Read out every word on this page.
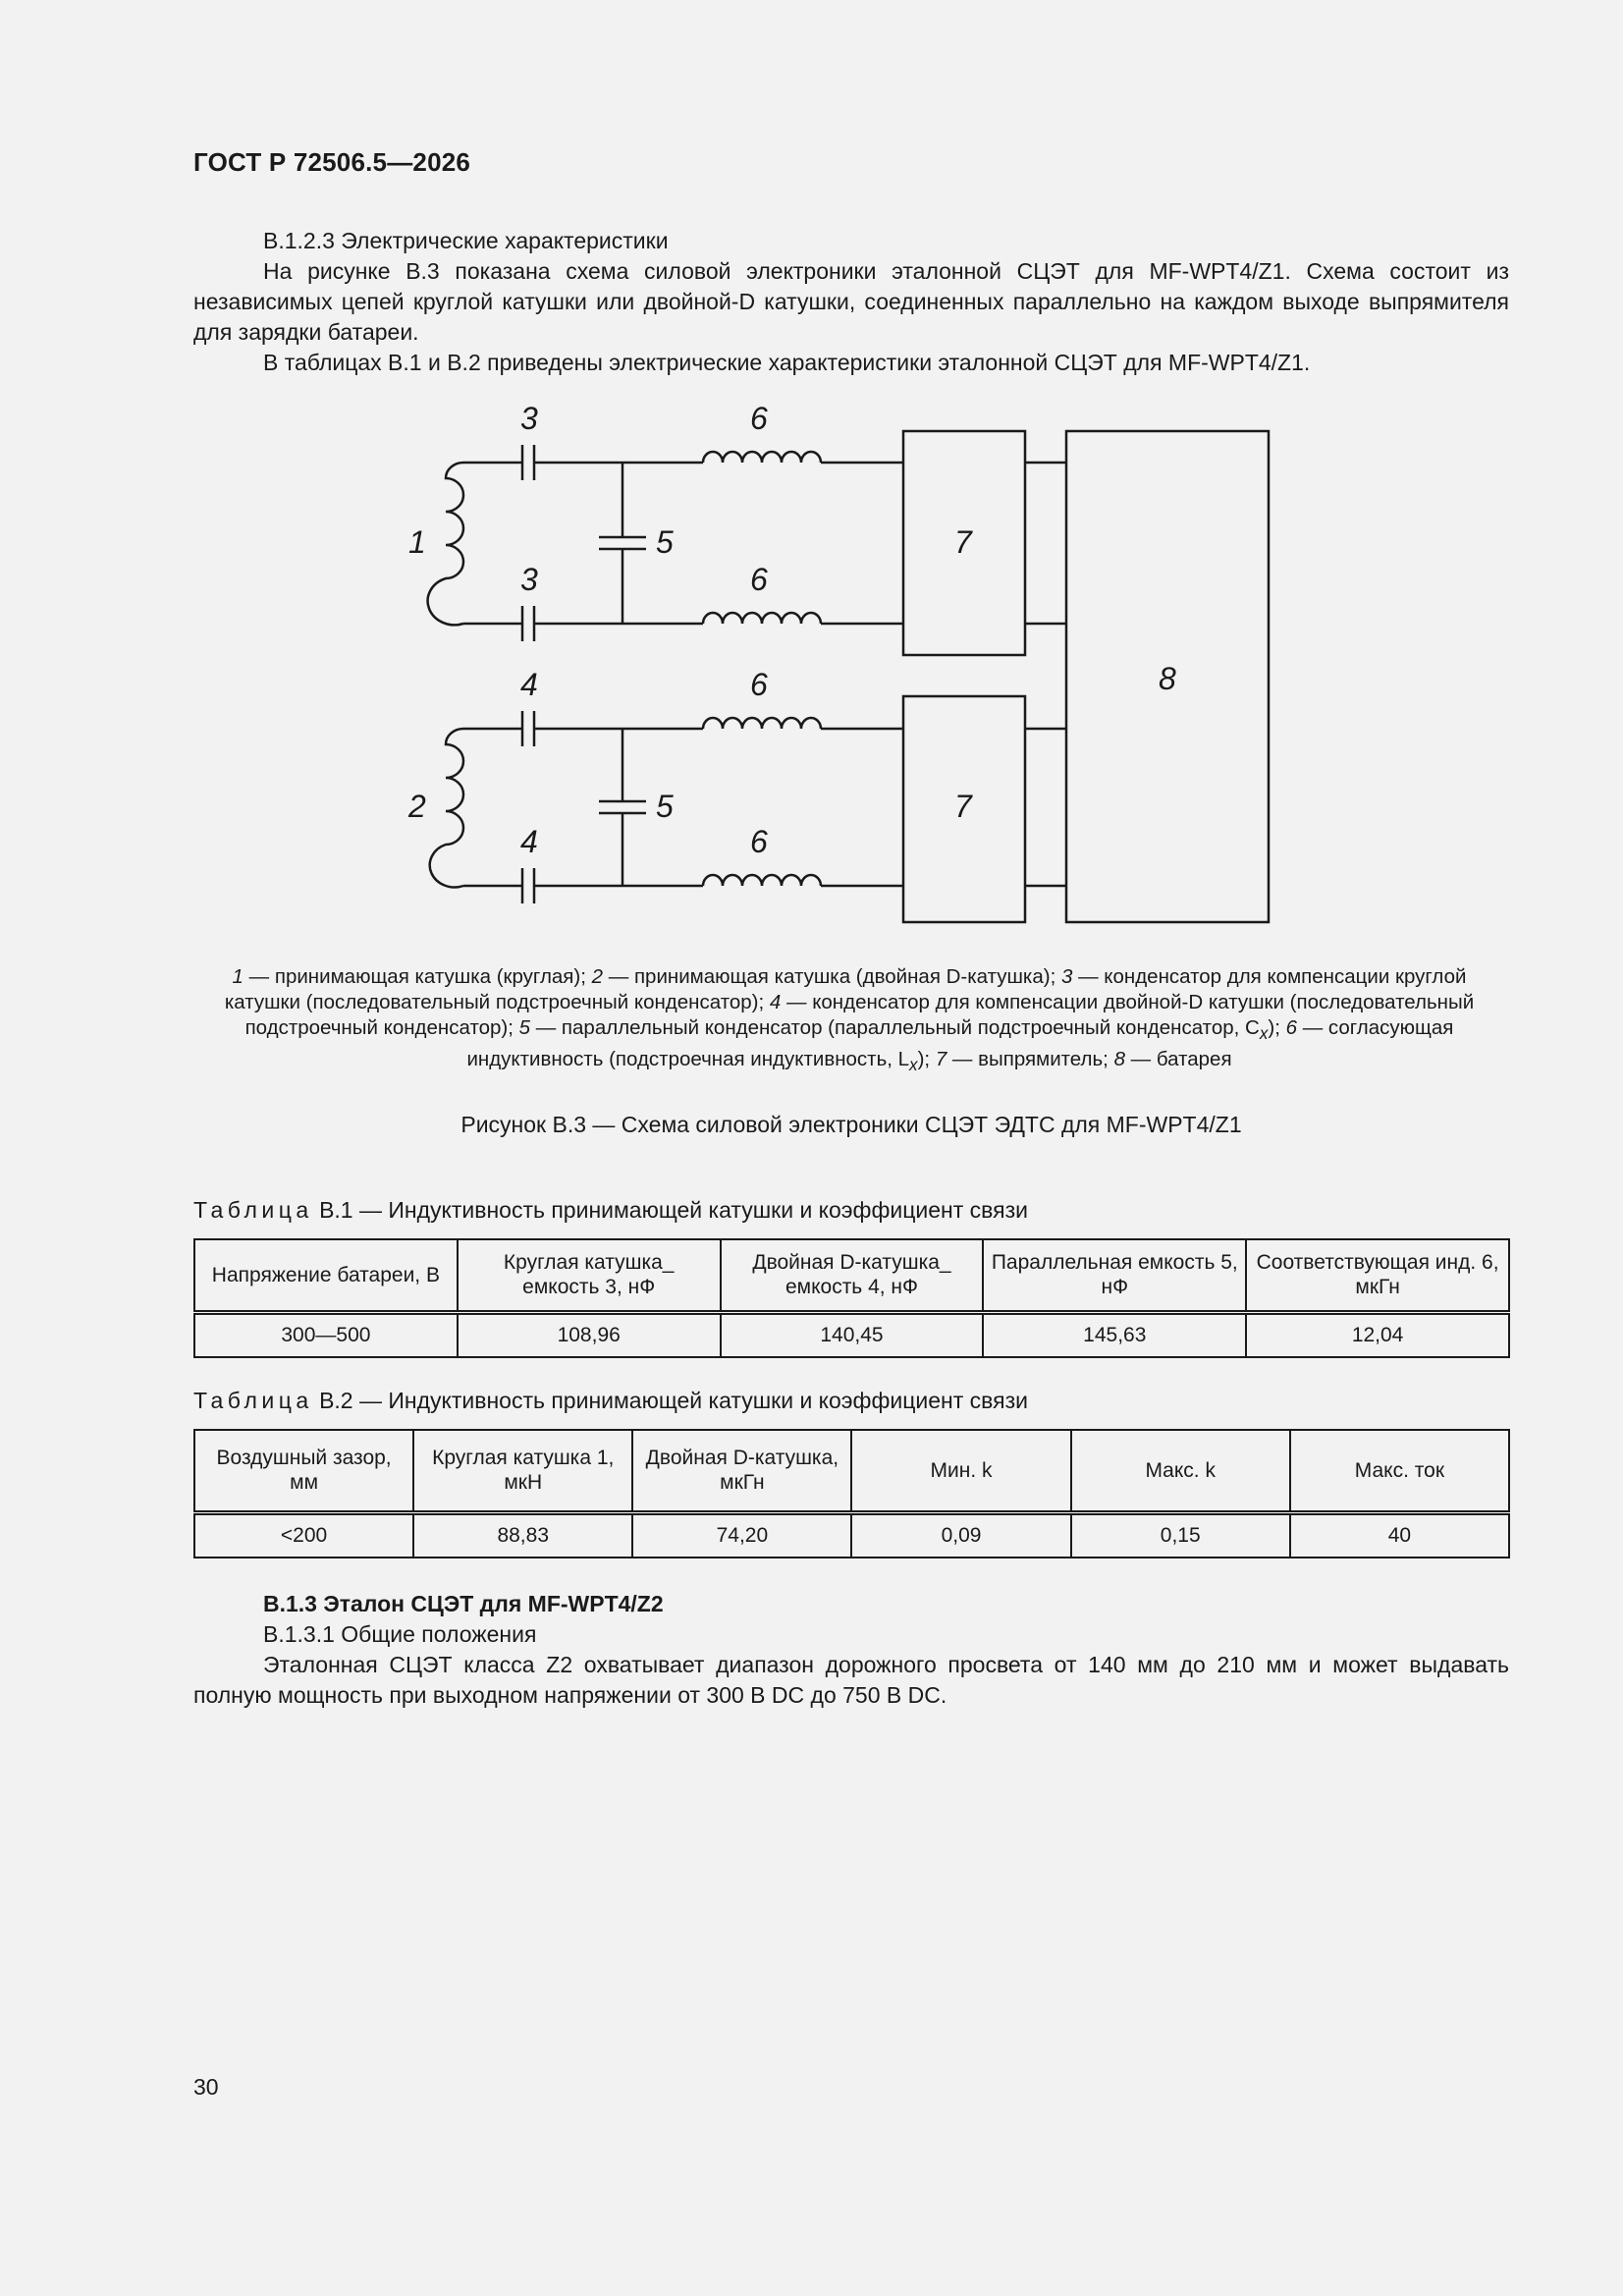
ГОСТ Р 72506.5—2026
B.1.2.3 Электрические характеристики
На рисунке B.3 показана схема силовой электроники эталонной СЦЭТ для MF-WPT4/Z1. Схема состоит из независимых цепей круглой катушки или двойной-D катушки, соединенных параллельно на каждом выходе выпрямителя для зарядки батареи.
В таблицах B.1 и B.2 приведены электрические характеристики эталонной СЦЭТ для MF-WPT4/Z1.
1
2
3
3
4
4
5
5
6
6
6
6
7
7
8
1 — принимающая катушка (круглая); 2 — принимающая катушка (двойная D-катушка); 3 — конденсатор для компенсации круглой катушки (последовательный подстроечный конденсатор); 4 — конденсатор для компенсации двойной-D катушки (последовательный подстроечный конденсатор); 5 — параллельный конденсатор (параллельный подстроечный конденсатор, $C_x$); 6 — согласующая индуктивность (подстроечная индуктивность, $L_x$); 7 — выпрямитель; 8 — батарея
Рисунок B.3 — Схема силовой электроники СЦЭТ ЭДТС для MF-WPT4/Z1
Таблица B.1 — Индуктивность принимающей катушки и коэффициент связи
Напряжение батареи, В	Круглая катушка_ емкость 3, нФ	Двойная D-катушка_ емкость 4, нФ	Параллельная емкость 5, нФ	Соответствующая инд. 6, мкГн
300—500	108,96	140,45	145,63	12,04
Таблица B.2 — Индуктивность принимающей катушки и коэффициент связи
Воздушный зазор, мм	Круглая катушка 1, мкН	Двойная D-катушка, мкГн	Мин. k	Макс. k	Макс. ток
<200	88,83	74,20	0,09	0,15	40
B.1.3 Эталон СЦЭТ для MF-WPT4/Z2
B.1.3.1 Общие положения
Эталонная СЦЭТ класса Z2 охватывает диапазон дорожного просвета от 140 мм до 210 мм и может выдавать полную мощность при выходном напряжении от 300 В DC до 750 В DC.
30
